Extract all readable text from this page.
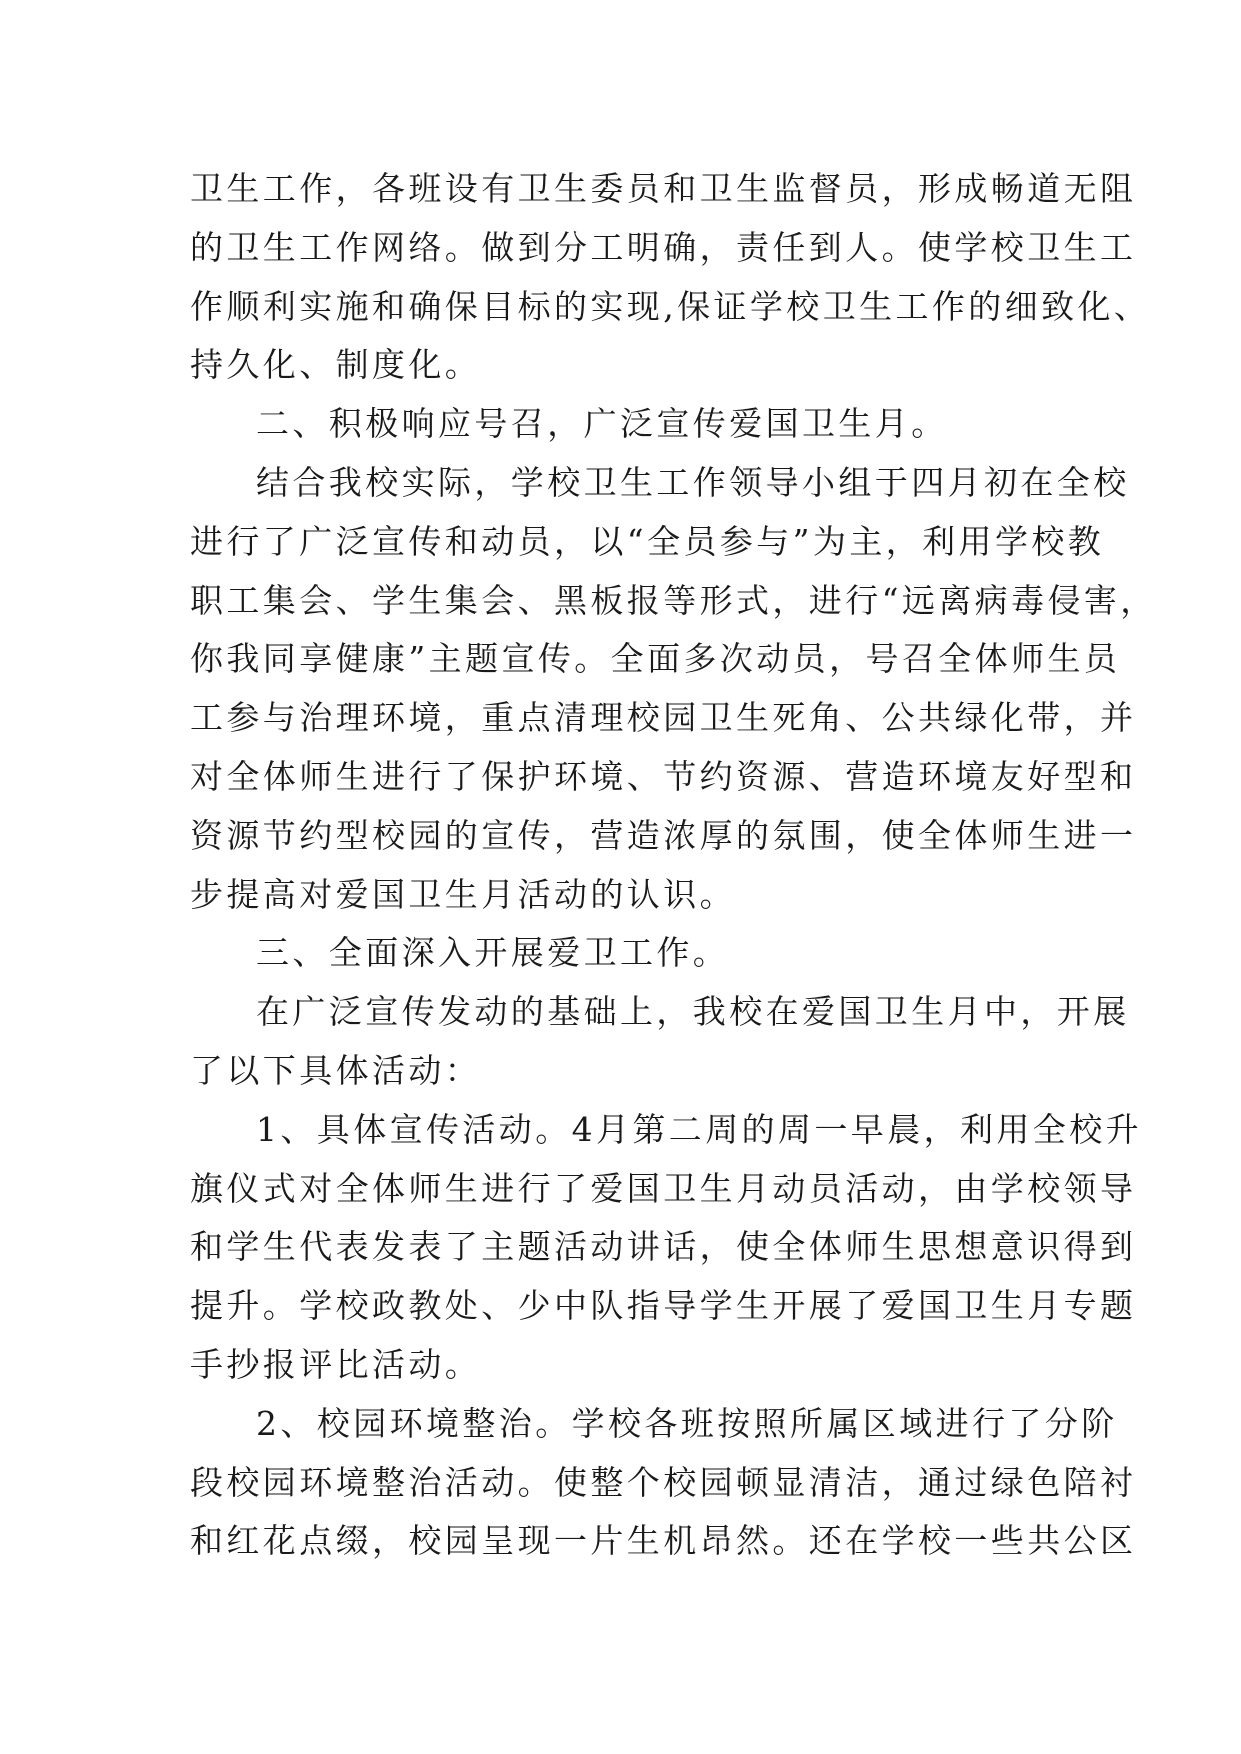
卫生工作，各班设有卫生委员和卫生监督员，形成畅道无阻
的卫生工作网络。做到分工明确，责任到人。使学校卫生工
作顺利实施和确保目标的实现,保证学校卫生工作的细致化、
持久化、制度化。
二、积极响应号召，广泛宣传爱国卫生月。
结合我校实际，学校卫生工作领导小组于四月初在全校
进行了广泛宣传和动员，以“全员参与”为主，利用学校教
职工集会、学生集会、黑板报等形式，进行“远离病毒侵害，
你我同享健康”主题宣传。全面多次动员，号召全体师生员
工参与治理环境，重点清理校园卫生死角、公共绿化带，并
对全体师生进行了保护环境、节约资源、营造环境友好型和
资源节约型校园的宣传，营造浓厚的氛围，使全体师生进一
步提高对爱国卫生月活动的认识。
三、全面深入开展爱卫工作。
在广泛宣传发动的基础上，我校在爱国卫生月中，开展
了以下具体活动：
1、具体宣传活动。4月第二周的周一早晨，利用全校升
旗仪式对全体师生进行了爱国卫生月动员活动，由学校领导
和学生代表发表了主题活动讲话，使全体师生思想意识得到
提升。学校政教处、少中队指导学生开展了爱国卫生月专题
手抄报评比活动。
2、校园环境整治。学校各班按照所属区域进行了分阶
段校园环境整治活动。使整个校园顿显清洁，通过绿色陪衬
和红花点缀，校园呈现一片生机昂然。还在学校一些共公区
